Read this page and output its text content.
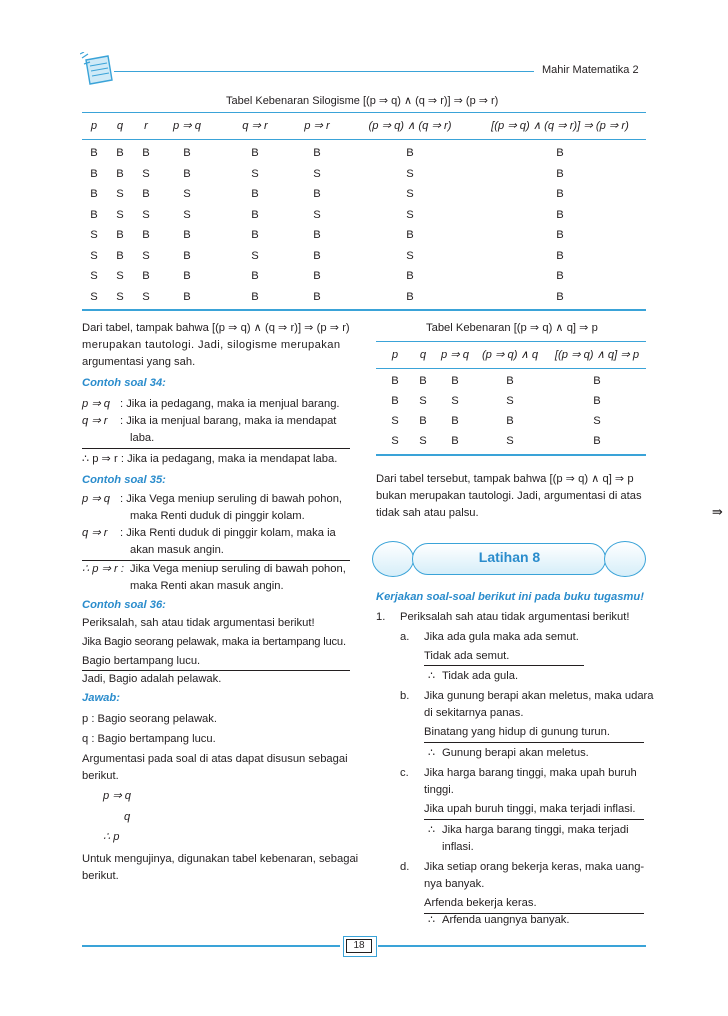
Mahir Matematika 2
Tabel Kebenaran Silogisme [(p ⇒ q) ∧ (q ⇒ r)] ⇒ (p ⇒ r)
p	q	r	p ⇒ q	q ⇒ r	p ⇒ r	(p ⇒ q) ∧ (q ⇒ r)	[(p ⇒ q) ∧ (q ⇒ r)] ⇒ (p ⇒ r)
B	B	B	B	B	B	B	B
B	B	S	B	S	S	S	B
B	S	B	S	B	B	S	B
B	S	S	S	B	S	S	B
S	B	B	B	B	B	B	B
S	B	S	B	S	B	S	B
S	S	B	B	B	B	B	B
S	S	S	B	B	B	B	B
Dari tabel, tampak bahwa [(p ⇒ q) ∧ (q ⇒ r)] ⇒ (p ⇒ r)
merupakan tautologi. Jadi, silogisme merupakan
argumentasi yang sah.
Contoh soal 34:
p ⇒ q : Jika ia pedagang, maka ia menjual barang.
q ⇒ r : Jika ia menjual barang, maka ia mendapat
laba.
∴ p ⇒ r : Jika ia pedagang, maka ia mendapat laba.
Contoh soal 35:
p ⇒ q : Jika Vega meniup seruling di bawah pohon,
maka Renti duduk di pinggir kolam.
q ⇒ r : Jika Renti duduk di pinggir kolam, maka ia
akan masuk angin.
∴ p ⇒ r : Jika Vega meniup seruling di bawah pohon,
maka Renti akan masuk angin.
Contoh soal 36:
Periksalah, sah atau tidak argumentasi berikut!
Jika Bagio seorang pelawak, maka ia bertampang lucu.
Bagio bertampang lucu.
Jadi, Bagio adalah pelawak.
Jawab:
p : Bagio seorang pelawak.
q : Bagio bertampang lucu.
Argumentasi pada soal di atas dapat disusun sebagai
berikut.
p ⇒ q
q
∴ p
Untuk mengujinya, digunakan tabel kebenaran, sebagai
berikut.
Tabel Kebenaran [(p ⇒ q) ∧ q] ⇒ p
p	q	p ⇒ q	(p ⇒ q) ∧ q	[(p ⇒ q) ∧ q] ⇒ p
B	B	B	B	B
B	S	S	S	B
S	B	B	B	S
S	S	B	S	B
Dari tabel tersebut, tampak bahwa [(p ⇒ q) ∧ q] ⇒ p
bukan merupakan tautologi. Jadi, argumentasi di atas
tidak sah atau palsu.
Latihan 8
Kerjakan soal-soal berikut ini pada buku tugasmu!
1. Periksalah sah atau tidak argumentasi berikut!
a. Jika ada gula maka ada semut.
Tidak ada semut.
∴ Tidak ada gula.
b. Jika gunung berapi akan meletus, maka udara
di sekitarnya panas.
Binatang yang hidup di gunung turun.
∴ Gunung berapi akan meletus.
c. Jika harga barang tinggi, maka upah buruh
tinggi.
Jika upah buruh tinggi, maka terjadi inflasi.
∴ Jika harga barang tinggi, maka terjadi
inflasi.
d. Jika setiap orang bekerja keras, maka uang-
nya banyak.
Arfenda bekerja keras.
∴ Arfenda uangnya banyak.
⇛
18
